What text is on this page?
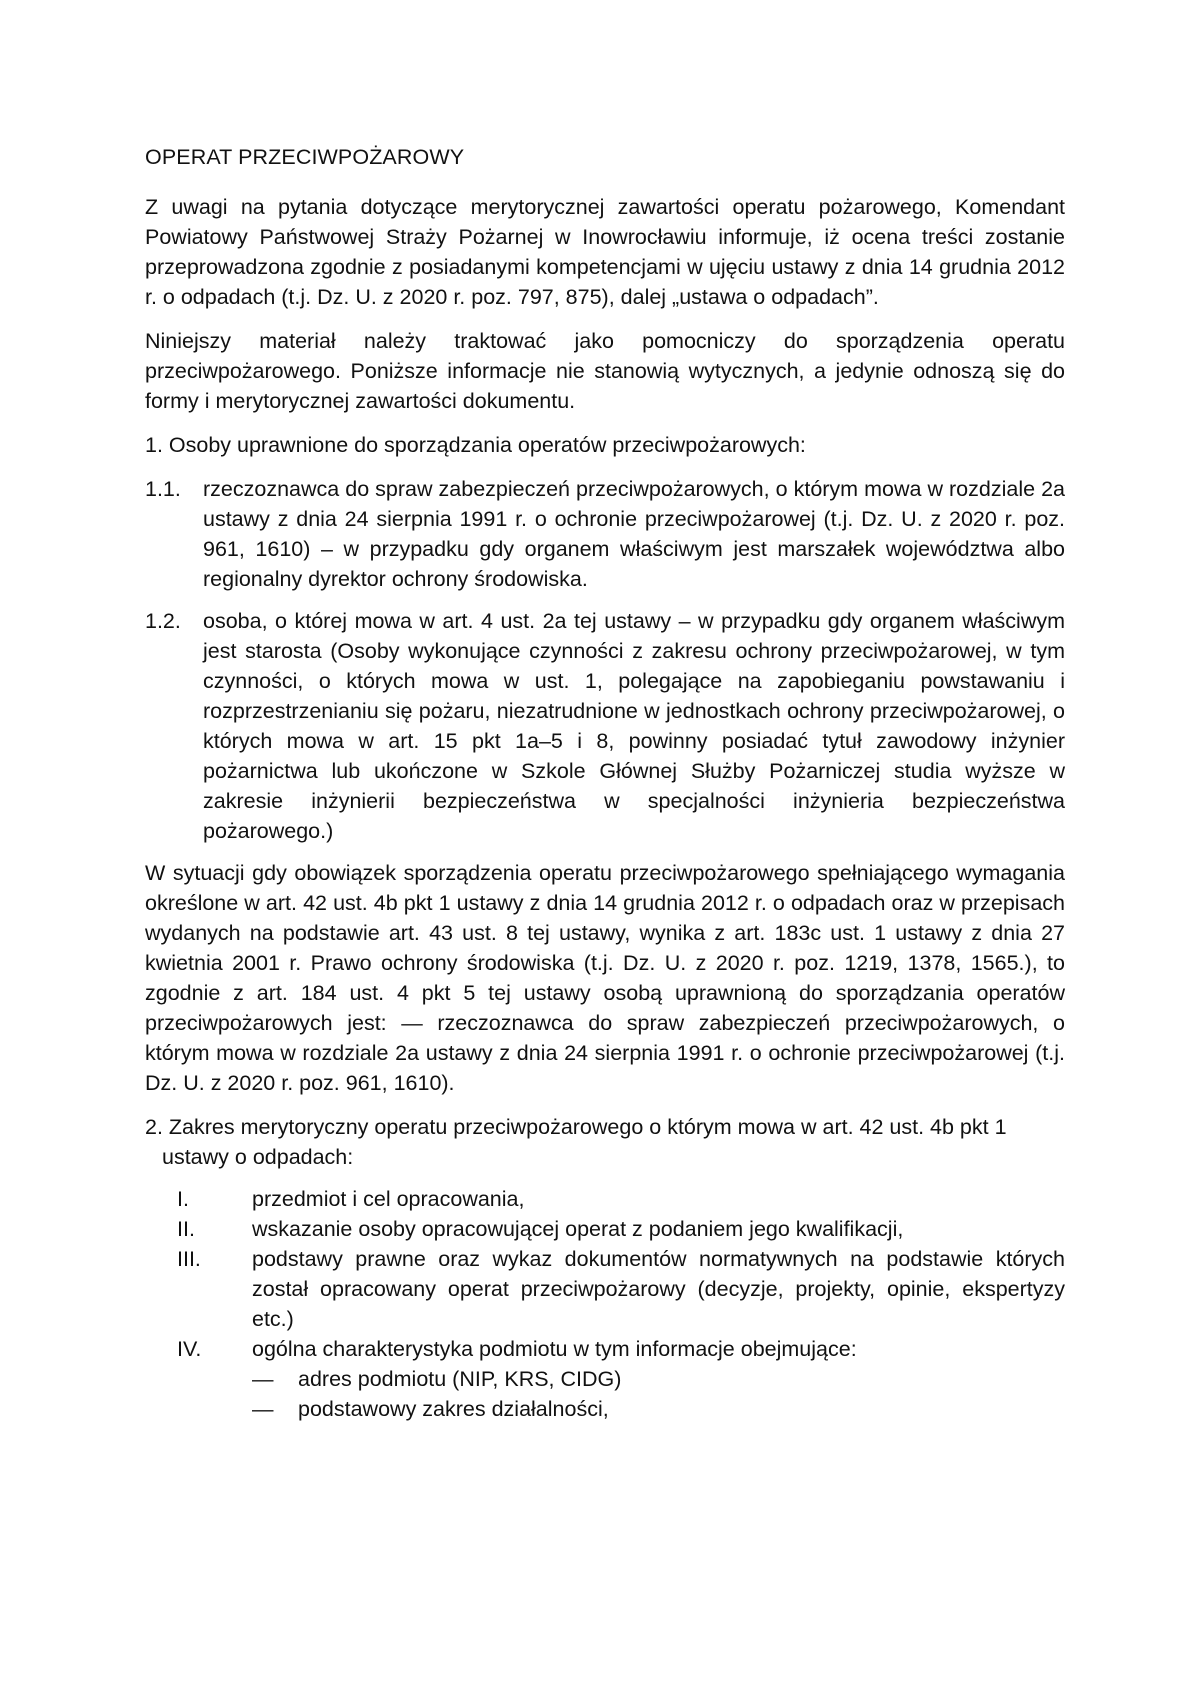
OPERAT PRZECIWPOŻAROWY

Z uwagi na pytania dotyczące merytorycznej zawartości operatu pożarowego, Komendant Powiatowy Państwowej Straży Pożarnej w Inowrocławiu informuje, iż ocena treści zostanie przeprowadzona zgodnie z posiadanymi kompetencjami w ujęciu ustawy z dnia 14 grudnia 2012 r. o odpadach (t.j. Dz. U. z 2020 r. poz. 797, 875), dalej „ustawa o odpadach”.

Niniejszy materiał należy traktować jako pomocniczy do sporządzenia operatu przeciwpożarowego. Poniższe informacje nie stanowią wytycznych, a jedynie odnoszą się do formy i merytorycznej zawartości dokumentu.

1. Osoby uprawnione do sporządzania operatów przeciwpożarowych:

1.1.	rzeczoznawca do spraw zabezpieczeń przeciwpożarowych, o którym mowa w rozdziale 2a ustawy z dnia 24 sierpnia 1991 r. o ochronie przeciwpożarowej (t.j. Dz. U. z 2020 r. poz. 961, 1610) – w przypadku gdy organem właściwym jest marszałek województwa albo regionalny dyrektor ochrony środowiska.
1.2.	osoba, o której mowa w art. 4 ust. 2a tej ustawy – w przypadku gdy organem właściwym jest starosta (Osoby wykonujące czynności z zakresu ochrony przeciwpożarowej, w tym czynności, o których mowa w ust. 1, polegające na zapobieganiu powstawaniu i rozprzestrzenianiu się pożaru, niezatrudnione w jednostkach ochrony przeciwpożarowej, o których mowa w art. 15 pkt 1a–5 i 8, powinny posiadać tytuł zawodowy inżynier pożarnictwa lub ukończone w Szkole Głównej Służby Pożarniczej studia wyższe w zakresie inżynierii bezpieczeństwa w specjalności inżynieria bezpieczeństwa pożarowego.)

W sytuacji gdy obowiązek sporządzenia operatu przeciwpożarowego spełniającego wymagania określone w art. 42 ust. 4b pkt 1 ustawy z dnia 14 grudnia 2012 r. o odpadach oraz w przepisach wydanych na podstawie art. 43 ust. 8 tej ustawy, wynika z art. 183c ust. 1 ustawy z dnia 27 kwietnia 2001 r. Prawo ochrony środowiska (t.j. Dz. U. z 2020 r. poz. 1219, 1378, 1565.), to zgodnie z art. 184 ust. 4 pkt 5 tej ustawy osobą uprawnioną do sporządzania operatów przeciwpożarowych jest: — rzeczoznawca do spraw zabezpieczeń przeciwpożarowych, o którym mowa w rozdziale 2a ustawy z dnia 24 sierpnia 1991 r. o ochronie przeciwpożarowej (t.j. Dz. U. z 2020 r. poz. 961, 1610).

2. Zakres merytoryczny operatu przeciwpożarowego o którym mowa w art. 42 ust. 4b pkt 1 ustawy o odpadach:
I.	przedmiot i cel opracowania,
II.	wskazanie osoby opracowującej operat z podaniem jego kwalifikacji,
III.	podstawy prawne oraz wykaz dokumentów normatywnych na podstawie których został opracowany operat przeciwpożarowy (decyzje, projekty, opinie, ekspertyzy etc.)
IV.	ogólna charakterystyka podmiotu w tym informacje obejmujące:
—	adres podmiotu (NIP, KRS, CIDG)
—	podstawowy zakres działalności,
